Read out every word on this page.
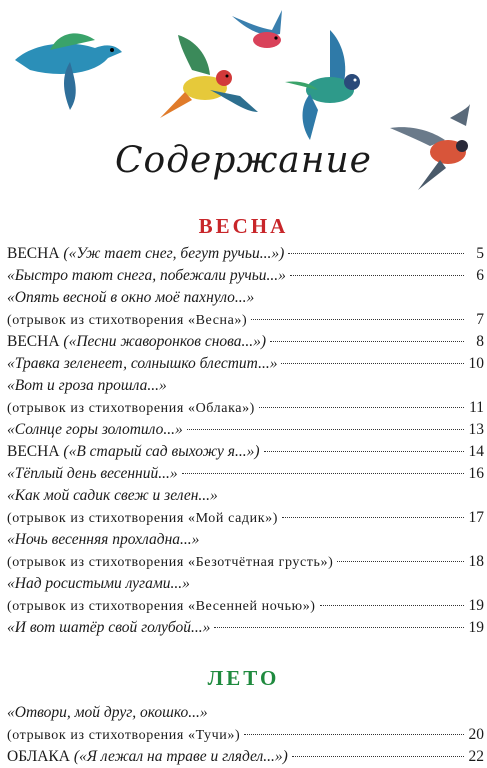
Содержание
ВЕСНА
ВЕСНА («Уж тает снег, бегут ручьи...»)	5
«Быстро тают снега, побежали ручьи...»	6
«Опять весной в окно моё пахнуло...»
(отрывок из стихотворения «Весна»)	7
ВЕСНА («Песни жаворонков снова...»)	8
«Травка зеленеет, солнышко блестит...»	10
«Вот и гроза прошла...»
(отрывок из стихотворения «Облака»)	11
«Солнце горы золотило...»	13
ВЕСНА («В старый сад выхожу я...»)	14
«Тёплый день весенний...»	16
«Как мой садик свеж и зелен...»
(отрывок из стихотворения «Мой садик»)	17
«Ночь весенняя прохладна...»
(отрывок из стихотворения «Безотчётная грусть»)	18
«Над росистыми лугами...»
(отрывок из стихотворения «Весенней ночью»)	19
«И вот шатёр свой голубой...»	19
ЛЕТО
«Отвори, мой друг, окошко...»
(отрывок из стихотворения «Тучи»)	20
ОБЛАКА («Я лежал на траве и глядел...»)	22
